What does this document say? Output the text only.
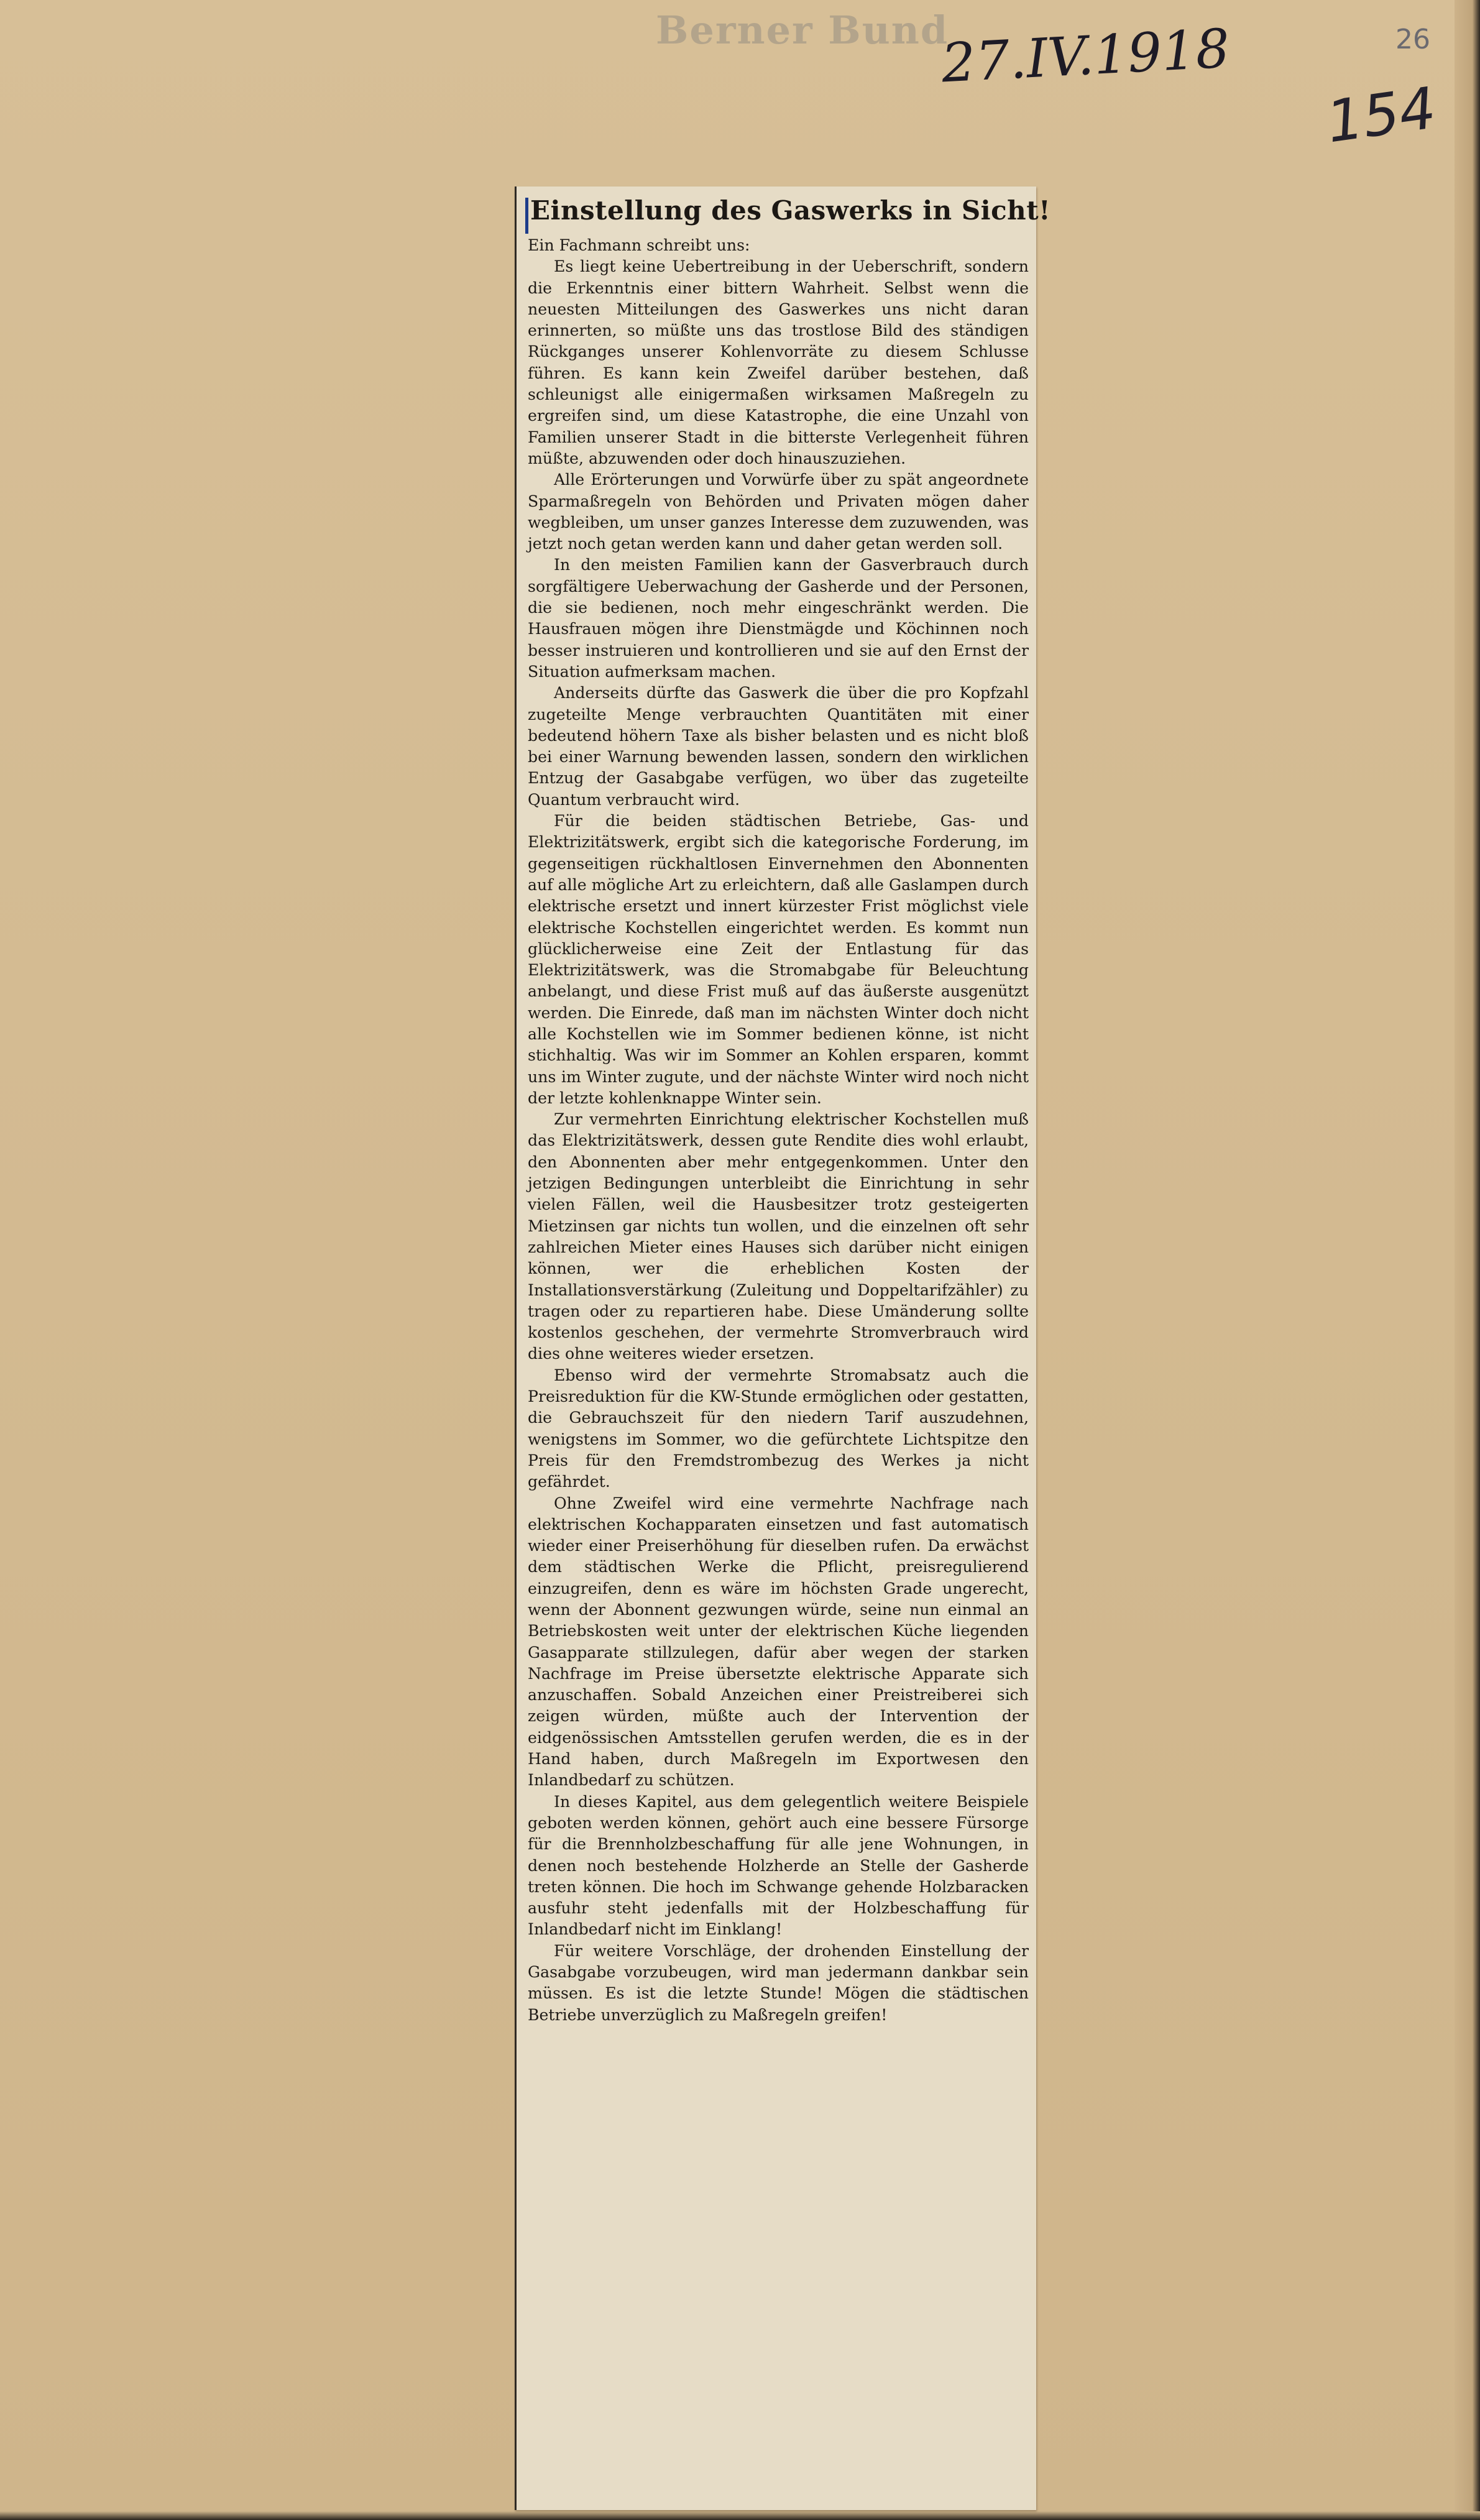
Berner Bund
27.IV.1918	26
154
Einstellung des Gaswerks in Sicht!

Ein Fachmann schreibt uns:

Es liegt keine Uebertreibung in der Ueberschrift, sondern die Erkenntnis einer bittern Wahrheit. Selbst wenn die neuesten Mitteilungen des Gaswerkes uns nicht daran erinnerten, so müßte uns das trostlose Bild des ständigen Rückganges unserer Kohlenvorräte zu diesem Schlusse führen. Es kann kein Zweifel darüber bestehen, daß schleunigst alle einigermaßen wirksamen Maßregeln zu ergreifen sind, um diese Katastrophe, die eine Unzahl von Familien unserer Stadt in die bitterste Verlegenheit führen müßte, abzuwenden oder doch hinauszuziehen.

Alle Erörterungen und Vorwürfe über zu spät angeordnete Sparmaßregeln von Behörden und Privaten mögen daher wegbleiben, um unser ganzes Interesse dem zuzuwenden, was jetzt noch getan werden kann und daher getan werden soll.

In den meisten Familien kann der Gasverbrauch durch sorgfältigere Ueberwachung der Gasherde und der Personen, die sie bedienen, noch mehr eingeschränkt werden. Die Hausfrauen mögen ihre Dienstmägde und Köchinnen noch besser instruieren und kontrollieren und sie auf den Ernst der Situation aufmerksam machen.

Anderseits dürfte das Gaswerk die über die pro Kopfzahl zugeteilte Menge verbrauchten Quantitäten mit einer bedeutend höhern Taxe als bisher belasten und es nicht bloß bei einer Warnung bewenden lassen, sondern den wirklichen Entzug der Gasabgabe verfügen, wo über das zugeteilte Quantum verbraucht wird.

Für die beiden städtischen Betriebe, Gas- und Elektrizitätswerk, ergibt sich die kategorische Forderung, im gegenseitigen rückhaltlosen Einvernehmen den Abonnenten auf alle mögliche Art zu erleichtern, daß alle Gaslampen durch elektrische ersetzt und innert kürzester Frist möglichst viele elektrische Kochstellen eingerichtet werden. Es kommt nun glücklicherweise eine Zeit der Entlastung für das Elektrizitätswerk, was die Stromabgabe für Beleuchtung anbelangt, und diese Frist muß auf das äußerste ausgenützt werden. Die Einrede, daß man im nächsten Winter doch nicht alle Kochstellen wie im Sommer bedienen könne, ist nicht stichhaltig. Was wir im Sommer an Kohlen ersparen, kommt uns im Winter zugute, und der nächste Winter wird noch nicht der letzte kohlenknappe Winter sein.

Zur vermehrten Einrichtung elektrischer Kochstellen muß das Elektrizitätswerk, dessen gute Rendite dies wohl erlaubt, den Abonnenten aber mehr entgegenkommen. Unter den jetzigen Bedingungen unterbleibt die Einrichtung in sehr vielen Fällen, weil die Hausbesitzer trotz gesteigerten Mietzinsen gar nichts tun wollen, und die einzelnen oft sehr zahlreichen Mieter eines Hauses sich darüber nicht einigen können, wer die erheblichen Kosten der Installationsverstärkung (Zuleitung und Doppeltarifzähler) zu tragen oder zu repartieren habe. Diese Umänderung sollte kostenlos geschehen, der vermehrte Stromverbrauch wird dies ohne weiteres wieder ersetzen.

Ebenso wird der vermehrte Stromabsatz auch die Preisreduktion für die KW-Stunde ermöglichen oder gestatten, die Gebrauchszeit für den niedern Tarif auszudehnen, wenigstens im Sommer, wo die gefürchtete Lichtspitze den Preis für den Fremdstrombezug des Werkes ja nicht gefährdet.

Ohne Zweifel wird eine vermehrte Nachfrage nach elektrischen Kochapparaten einsetzen und fast automatisch wieder einer Preiserhöhung für dieselben rufen. Da erwächst dem städtischen Werke die Pflicht, preisregulierend einzugreifen, denn es wäre im höchsten Grade ungerecht, wenn der Abonnent gezwungen würde, seine nun einmal an Betriebskosten weit unter der elektrischen Küche liegenden Gasapparate stillzulegen, dafür aber wegen der starken Nachfrage im Preise übersetzte elektrische Apparate sich anzuschaffen. Sobald Anzeichen einer Preistreiberei sich zeigen würden, müßte auch der Intervention der eidgenössischen Amtsstellen gerufen werden, die es in der Hand haben, durch Maßregeln im Exportwesen den Inlandbedarf zu schützen.

In dieses Kapitel, aus dem gelegentlich weitere Beispiele geboten werden können, gehört auch eine bessere Fürsorge für die Brennholzbeschaffung für alle jene Wohnungen, in denen noch bestehende Holzherde an Stelle der Gasherde treten können. Die hoch im Schwange gehende Holzbaracken ausfuhr steht jedenfalls mit der Holzbeschaffung für Inlandbedarf nicht im Einklang!

Für weitere Vorschläge, der drohenden Einstellung der Gasabgabe vorzubeugen, wird man jedermann dankbar sein müssen. Es ist die letzte Stunde! Mögen die städtischen Betriebe unverzüglich zu Maßregeln greifen!
